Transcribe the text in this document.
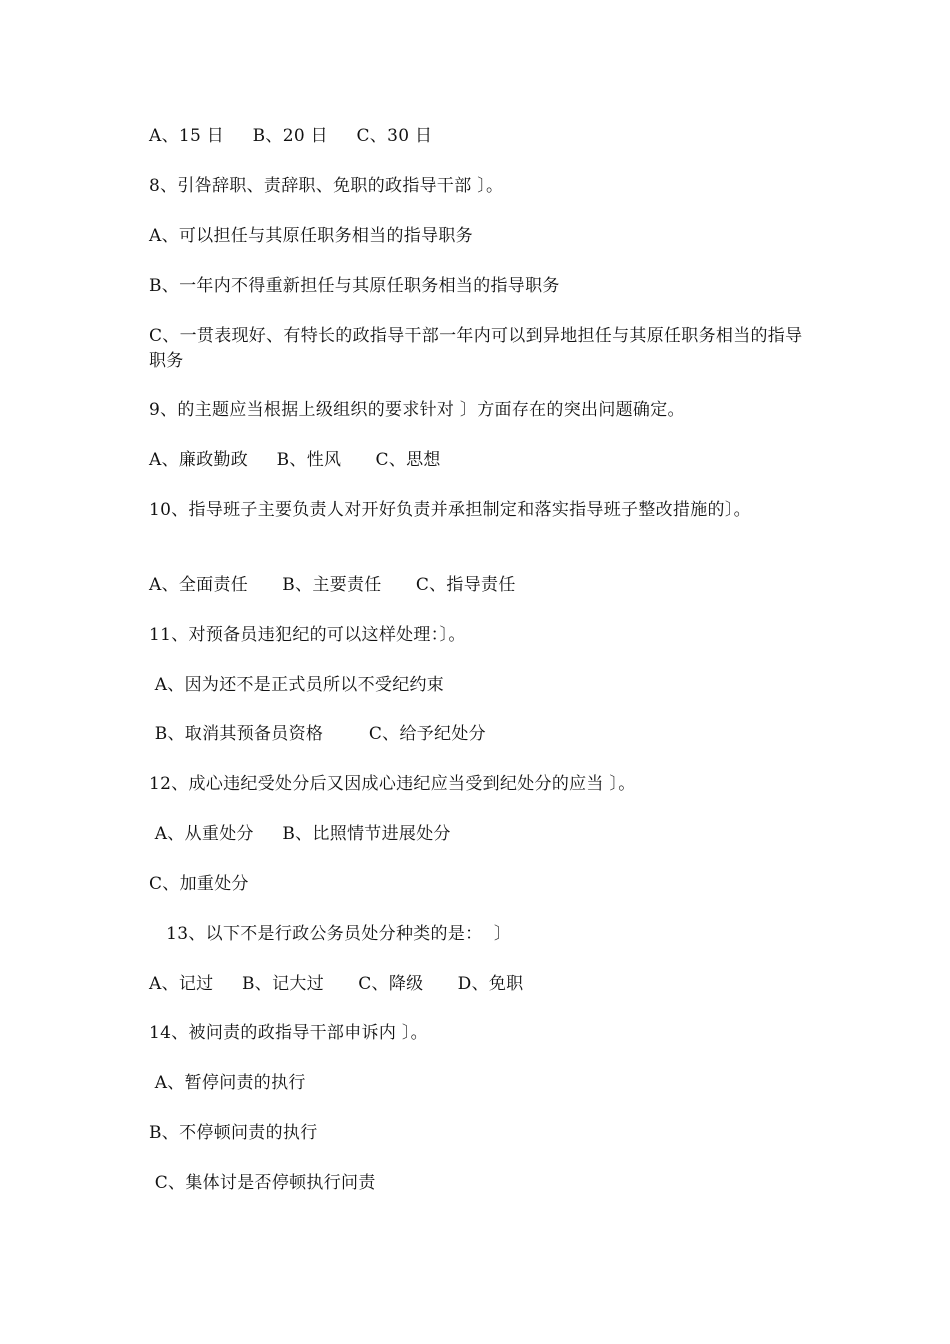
A、15 日     B、20 日     C、30 日
8、引咎辞职、责辞职、免职的政指导干部 〕。
A、可以担任与其原任职务相当的指导职务
B、一年内不得重新担任与其原任职务相当的指导职务
C、一贯表现好、有特长的政指导干部一年内可以到异地担任与其原任职务相当的指导职务
9、的主题应当根据上级组织的要求针对 〕方面存在的突出问题确定。
A、廉政勤政     B、性风      C、思想
10、指导班子主要负责人对开好负责并承担制定和落实指导班子整改措施的〕。
A、全面责任      B、主要责任      C、指导责任
11、对预备员违犯纪的可以这样处理：〕。
A、因为还不是正式员所以不受纪约束
B、取消其预备员资格        C、给予纪处分
12、成心违纪受处分后又因成心违纪应当受到纪处分的应当 〕。
A、从重处分     B、比照情节进展处分
C、加重处分
13、以下不是行政公务员处分种类的是：  〕
A、记过     B、记大过      C、降级      D、免职
14、被问责的政指导干部申诉内 〕。
A、暂停问责的执行
B、不停顿问责的执行
C、集体讨是否停顿执行问责
